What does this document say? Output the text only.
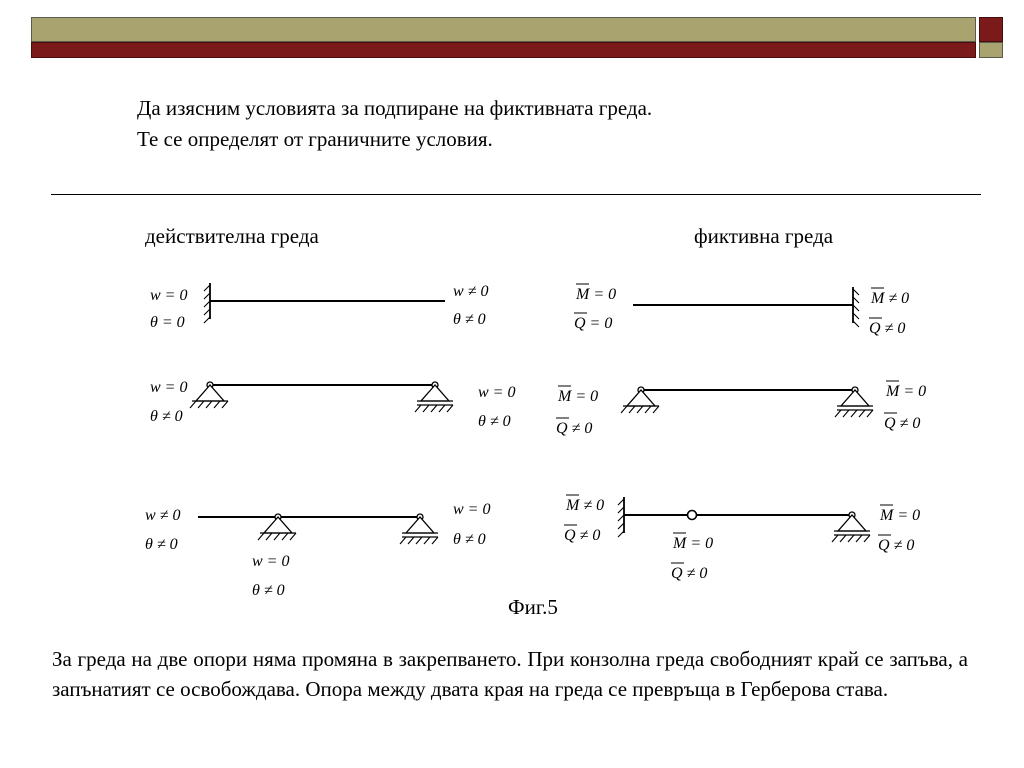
Да изясним условията за подпиране на фиктивната греда.
Те се определят от граничните условия.
действителна греда	фиктивна греда
w = 0
θ = 0
w ≠ 0
θ ≠ 0
M = 0
Q = 0
M ≠ 0
Q ≠ 0
w = 0
θ ≠ 0
w = 0
θ ≠ 0
M = 0
Q ≠ 0
M = 0
Q ≠ 0
w ≠ 0
θ ≠ 0
w = 0
θ ≠ 0
w = 0
θ ≠ 0
M ≠ 0
Q ≠ 0	M = 0
Q ≠ 0
M = 0
Q ≠ 0
Фиг.5
За греда на две опори няма промяна в закрепването. При конзолна греда свободният край се запъва, а запънатият се освобождава. Опора между двата края на греда се превръща в Герберова става.
